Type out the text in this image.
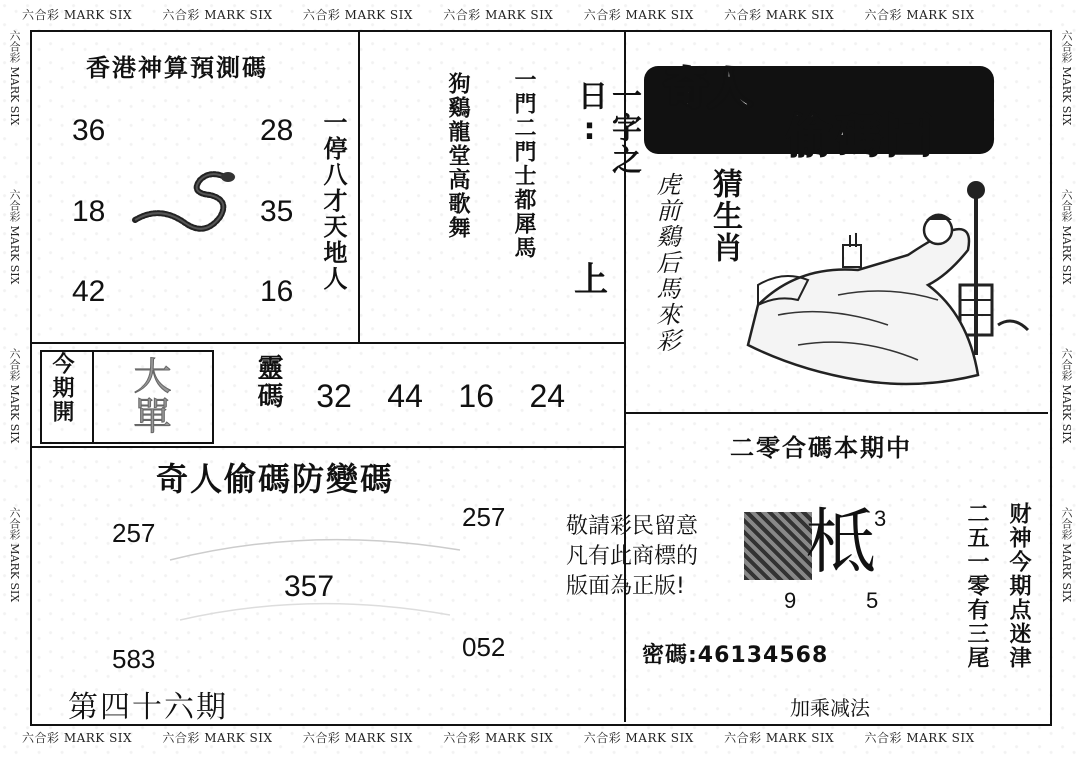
六合彩 MARK SIX	六合彩 MARK SIX	六合彩 MARK SIX	六合彩 MARK SIX	六合彩 MARK SIX	六合彩 MARK SIX	六合彩 MARK SIX
六合彩 MARK SIX	六合彩 MARK SIX	六合彩 MARK SIX	六合彩 MARK SIX	六合彩 MARK SIX	六合彩 MARK SIX	六合彩 MARK SIX
六合彩 MARK SIX 六合彩 MARK SIX 六合彩 MARK SIX 六合彩 MARK SIX
六合彩 MARK SIX 六合彩 MARK SIX 六合彩 MARK SIX 六合彩 MARK SIX
香港神算預測碼
36
18
42
28
35
16 一停八才天地人	狗鷄龍堂高歌舞 一門二門士都犀馬	一字之日:
上
今期開 大單	靈碼	32 44 16 24
奇人偷碼防變碼
257
257
357
583	052
第四十六期
敬請彩民留意
凡有此商標的
版面為正版!
奇人
偷碼圖
猜生肖
虎前鷄后馬來彩
二零合碼本期中
柢
3
9	5
密碼:46134568
加乘减法
二五一零有三尾 财神今期点迷津
